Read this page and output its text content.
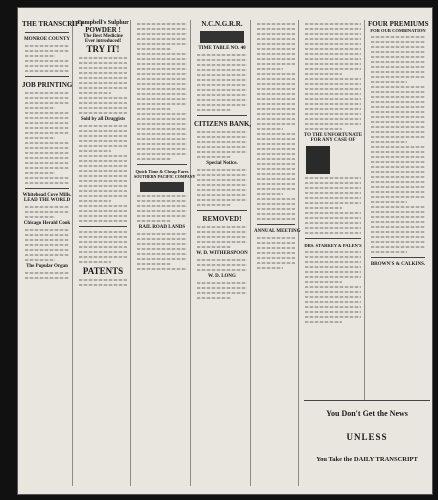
THE TRANSCRIPT
MONROE COUNTY
JOB PRINTING
Whitehead Cove Mills.
LEAD THE WORLD
Chicago Herald Cook
The Popular Organ
Campbell's Sulphur
POWDER !
The Best Medicine
Ever introduced!
TRY IT!
Sold by all Druggists
PATENTS
Quick Time & Cheap Fares
SOUTHERN PACIFIC COMPANY
RAIL ROAD LANDS
N.C.N.G.R.R.
TIME TABLE NO. 40
CITIZENS BANK,
Special Notice.
REMOVED!
W. D. WITHERSPOON
W. D. LONG
ANNUAL MEETING
TO THE UNFORTUNATE
FOR ANY CASE OF
DRS. STARKEY & PALEN'S
FOUR PREMIUMS
FOR OUR COMBINATION
BROWN'S & CALKINS.
You Don't Get the News
UNLESS
You Take the DAILY TRANSCRIPT
